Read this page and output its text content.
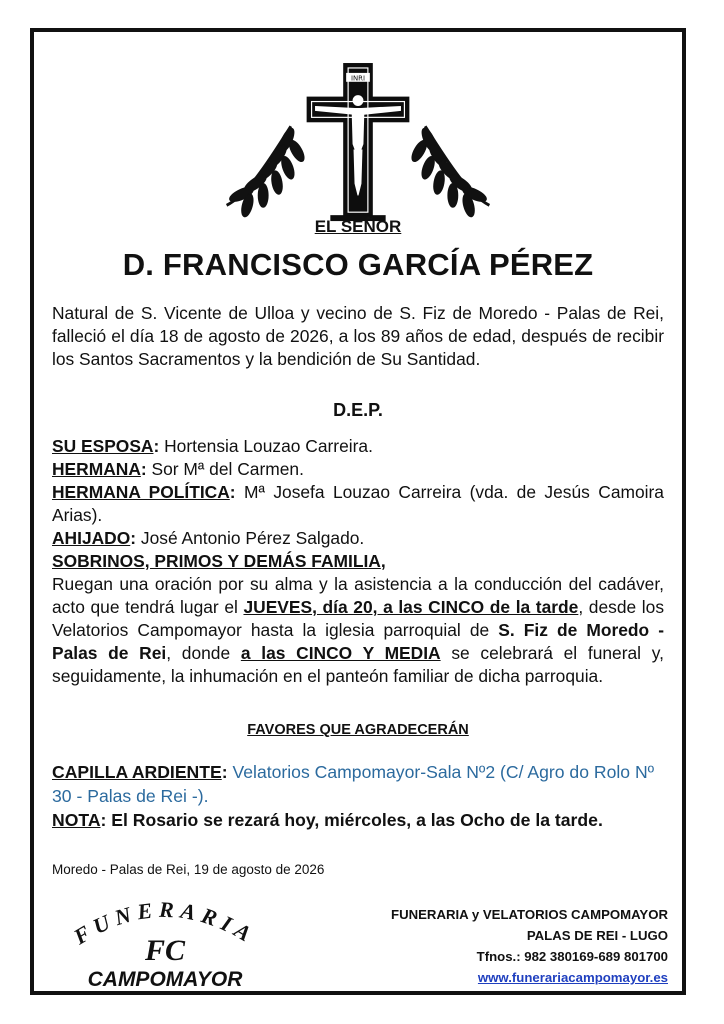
INRI
EL SEÑOR
D. FRANCISCO GARCÍA PÉREZ
Natural de S. Vicente de Ulloa y vecino de S. Fiz de Moredo - Palas de Rei, falleció el día 18 de agosto de 2026, a los 89 años de edad, después de recibir los Santos Sacramentos y la bendición de Su Santidad.
D.E.P.

SU ESPOSA: Hortensia Louzao Carreira.

HERMANA: Sor Mª del Carmen.

HERMANA POLÍTICA: Mª Josefa Louzao Carreira (vda. de Jesús Camoira Arias).

AHIJADO: José Antonio Pérez Salgado.

SOBRINOS, PRIMOS Y DEMÁS FAMILIA,

Ruegan una oración por su alma y la asistencia a la conducción del cadáver, acto que tendrá lugar el JUEVES, día 20, a las CINCO de la tarde, desde los Velatorios Campomayor hasta la iglesia parroquial de S. Fiz de Moredo - Palas de Rei, donde a las CINCO Y MEDIA se celebrará el funeral y, seguidamente, la inhumación en el panteón familiar de dicha parroquia.

FAVORES QUE AGRADECERÁN

CAPILLA ARDIENTE: Velatorios Campomayor-Sala Nº2 (C/ Agro do Rolo Nº 30 - Palas de Rei -).

NOTA: El Rosario se rezará hoy, miércoles, a las Ocho de la tarde.

Moredo - Palas de Rei, 19 de agosto de 2026
FUNERARIA
FC
CAMPOMAYOR
FUNERARIA y VELATORIOS CAMPOMAYOR
PALAS DE REI - LUGO
Tfnos.: 982 380169-689 801700
www.funerariacampomayor.es
